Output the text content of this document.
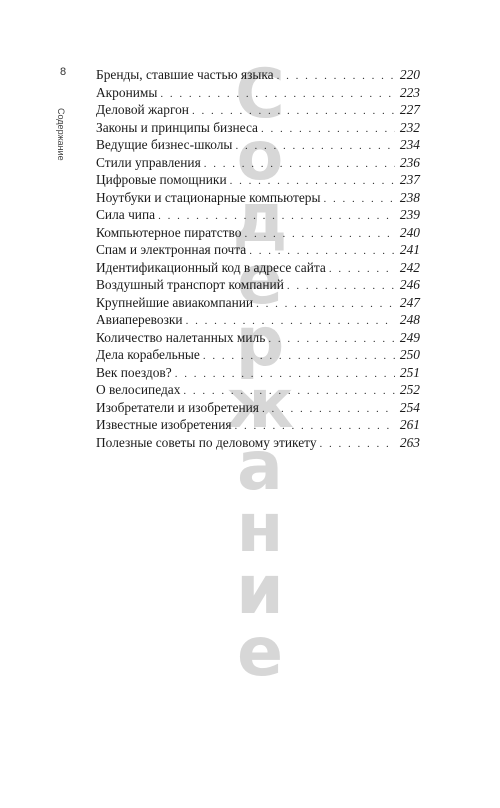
8
Содержание
С
о
д
е
р
ж
а
н
и
е
Бренды, ставшие частью языка . . .	220
Акронимы . . .	223
Деловой жаргон . . .	227
Законы и принципы бизнеса . . .	232
Ведущие бизнес-школы . . .	234
Стили управления . . .	236
Цифровые помощники . . .	237
Ноутбуки и стационарные компьютеры . . .	238
Сила чипа . . .	239
Компьютерное пиратство . . .	240
Спам и электронная почта . . .	241
Идентификационный код в адресе сайта . . .	242
Воздушный транспорт компаний . . .	246
Крупнейшие авиакомпании . . .	247
Авиаперевозки . . .	248
Количество налетанных миль . . .	249
Дела корабельные . . .	250
Век поездов? . . .	251
О велосипедах . . .	252
Изобретатели и изобретения . . .	254
Известные изобретения . . .	261
Полезные советы по деловому этикету . . .	263
